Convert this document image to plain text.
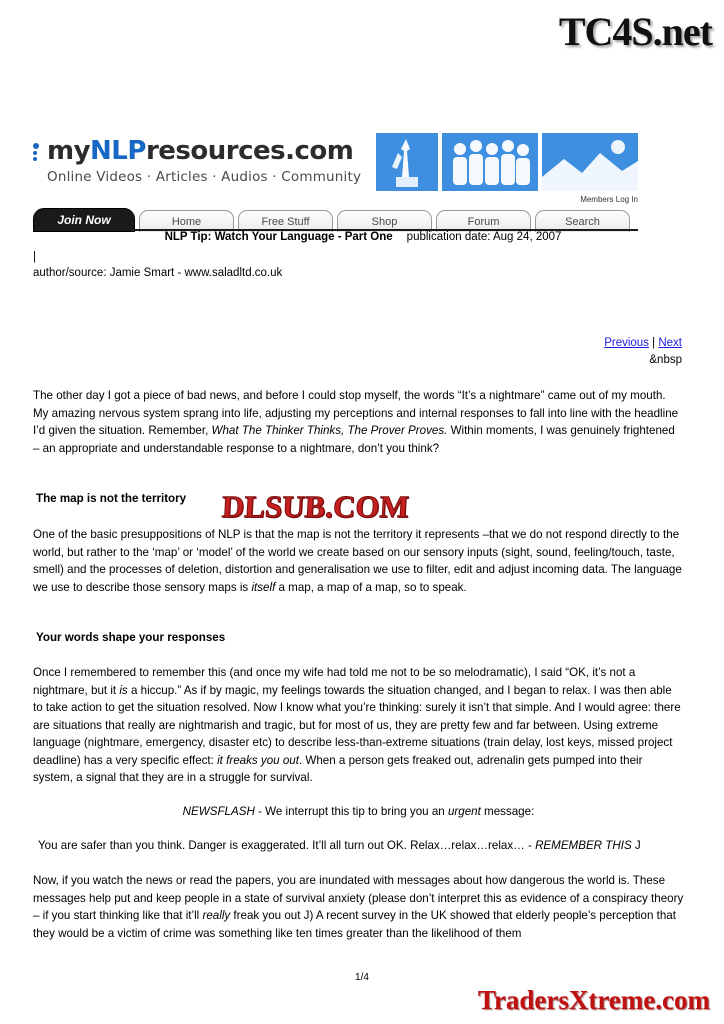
TC4S.net
myNLPresources.com
Online Videos · Articles · Audios · Community
Members Log In
Join Now	Home	Free Stuff	Shop	Forum	Search
NLP Tip: Watch Your Language - Part One publication date: Aug 24, 2007
|
author/source: Jamie Smart - www.saladltd.co.uk
Previous | Next
&nbsp
The other day I got a piece of bad news, and before I could stop myself, the words “It’s a nightmare” came out of my mouth. My amazing nervous system sprang into life, adjusting my perceptions and internal responses to fall into line with the headline I’d given the situation. Remember, What The Thinker Thinks, The Prover Proves. Within moments, I was genuinely frightened – an appropriate and understandable response to a nightmare, don’t you think?
The map is not the territory DLSUB.COM
One of the basic presuppositions of NLP is that the map is not the territory it represents –that we do not respond directly to the world, but rather to the ‘map’ or ‘model’ of the world we create based on our sensory inputs (sight, sound, feeling/touch, taste, smell) and the processes of deletion, distortion and generalisation we use to filter, edit and adjust incoming data. The language we use to describe those sensory maps is itself a map, a map of a map, so to speak.
Your words shape your responses
Once I remembered to remember this (and once my wife had told me not to be so melodramatic), I said “OK, it’s not a nightmare, but it is a hiccup.” As if by magic, my feelings towards the situation changed, and I began to relax. I was then able to take action to get the situation resolved. Now I know what you’re thinking: surely it isn’t that simple. And I would agree: there are situations that really are nightmarish and tragic, but for most of us, they are pretty few and far between. Using extreme language (nightmare, emergency, disaster etc) to describe less-than-extreme situations (train delay, lost keys, missed project deadline) has a very specific effect: it freaks you out. When a person gets freaked out, adrenalin gets pumped into their system, a signal that they are in a struggle for survival.
NEWSFLASH - We interrupt this tip to bring you an urgent message:
You are safer than you think. Danger is exaggerated. It’ll all turn out OK. Relax…relax…relax… - REMEMBER THIS J
Now, if you watch the news or read the papers, you are inundated with messages about how dangerous the world is. These messages help put and keep people in a state of survival anxiety (please don’t interpret this as evidence of a conspiracy theory – if you start thinking like that it’ll really freak you out J) A recent survey in the UK showed that elderly people’s perception that they would be a victim of crime was something like ten times greater than the likelihood of them
1/4
TradersXtreme.com
